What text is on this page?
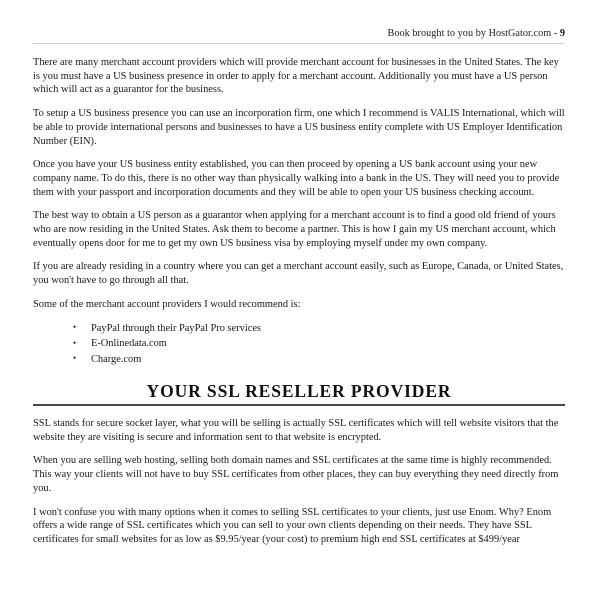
Book brought to you by HostGator.com - 9

There are many merchant account providers which will provide merchant account for businesses in the United States. The key is you must have a US business presence in order to apply for a merchant account. Additionally you must have a US person which will act as a guarantor for the business.

To setup a US business presence you can use an incorporation firm, one which I recommend is VALIS International, which will be able to provide international persons and businesses to have a US business entity complete with US Employer Identification Number (EIN).

Once you have your US business entity established, you can then proceed by opening a US bank account using your new company name. To do this, there is no other way than physically walking into a bank in the US. They will need you to provide them with your passport and incorporation documents and they will be able to open your US business checking account.

The best way to obtain a US person as a guarantor when applying for a merchant account is to find a good old friend of yours who are now residing in the United States. Ask them to become a partner. This is how I gain my US merchant account, which eventually opens door for me to get my own US business visa by employing myself under my own company.

If you are already residing in a country where you can get a merchant account easily, such as Europe, Canada, or United States, you won't have to go through all that.

Some of the merchant account providers I would recommend is:

• PayPal through their PayPal Pro services
• E-Onlinedata.com
• Charge.com
YOUR SSL RESELLER PROVIDER

SSL stands for secure socket layer, what you will be selling is actually SSL certificates which will tell website visitors that the website they are visiting is secure and information sent to that website is encrypted.

When you are selling web hosting, selling both domain names and SSL certificates at the same time is highly recommended. This way your clients will not have to buy SSL certificates from other places, they can buy everything they need directly from you.

I won't confuse you with many options when it comes to selling SSL certificates to your clients, just use Enom. Why? Enom offers a wide range of SSL certificates which you can sell to your own clients depending on their needs. They have SSL certificates for small websites for as low as $9.95/year (your cost) to premium high end SSL certificates at $499/year
